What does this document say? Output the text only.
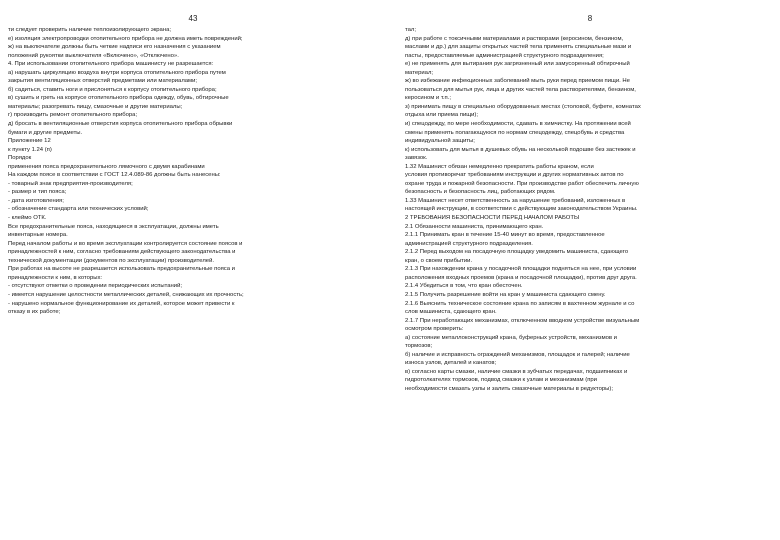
43
ти следует проверить наличие теплоизолирующего экрана;
е) изоляция электропроводки отопительного прибора не должна иметь повреждений;
ж) на выключателе должны быть четкие надписи его назначения с указанием
положений рукоятки выключателя «Включено», «Отключено».
4. При использовании отопительного прибора машинисту не разрешается:
а) нарушать циркуляцию воздуха внутри корпуса отопительного прибора путем
закрытия вентиляционных отверстий предметами или материалами;
б) садиться, ставить ноги и прислоняться к корпусу отопительного прибора;
в) сушить и греть на корпусе отопительного прибора одежду, обувь, обтирочные
материалы; разогревать пищу, смазочные и другие материалы;
г) производить ремонт отопительного прибора;
д) бросать в вентиляционные отверстия корпуса отопительного прибора обрывки
бумаги и другие предметы.
Приложение 12
к пункту 1.24 (п)
Порядок
применения пояса предохранительного лямочного с двумя карабинами
На каждом поясе в соответствии с ГОСТ 12.4.089-86 должны быть нанесены:
- товарный знак предприятия-производителя;
- размер и тип пояса;
- дата изготовления;
- обозначение стандарта или технических условий;
- клеймо ОТК.
Все предохранительные пояса, находящиеся в эксплуатации, должны иметь
инвентарные номера.
Перед началом работы и во время эксплуатации контролируется состояние поясов и
принадлежностей к ним, согласно требованиям действующего законодательства и
технической документации (документов по эксплуатации) производителей.
При работах на высоте не разрешается использовать предохранительные пояса и
принадлежности к ним, в которых:
- отсутствуют отметки о проведении периодических испытаний;
- имеется нарушение целостности металлических деталей, снижающих их прочность;
- нарушено нормальное функционирование их деталей, которое может привести к
отказу в их работе;
8
тал;
д) при работе с токсичными материалами и растворами (керосином, бензином,
маслами и др.) для защиты открытых частей тела применять специальные мази и
пасты, предоставляемые администрацией структурного подразделения;
е) не применять для вытирания рук загрязненный или замусоренный обтирочный
материал;
ж) во избежание инфекционных заболеваний мыть руки перед приемом пищи. Не
пользоваться для мытья рук, лица и других частей тела растворителями, бензином,
керосином и т.п.;
з) принимать пищу в специально оборудованных местах (столовой, буфете, комнатах
отдыха или приема пищи);
и) спецодежду, по мере необходимости, сдавать в химчистку. На протяжении всей
смены применять полагающуюся по нормам спецодежду, спецобувь и средства
индивидуальной защиты;
к) использовать для мытья в душевых обувь на несколькой подошве без застежек и
завязок.
1.32 Машинист обязан немедленно прекратить работы краном, если
условия противоречат требованиям инструкции и других нормативных актов по
охране труда и пожарной безопасности. При производстве работ обеспечить личную
безопасность и безопасность лиц, работающих рядом.
1.33 Машинист несет ответственность за нарушение требований, изложенных в
настоящей инструкции, в соответствии с действующим законодательством Украины.
2 ТРЕБОВАНИЯ БЕЗОПАСНОСТИ ПЕРЕД НАЧАЛОМ РАБОТЫ
2.1 Обязанности машиниста, принимающего кран.
2.1.1 Принимать кран в течение 15-40 минут во время, предоставленное
администрацией структурного подразделения.
2.1.2 Перед выходом на посадочную площадку уведомить машиниста, сдающего
кран, о своем прибытии.
2.1.3 При нахождении крана у посадочной площадки подняться на нее, при условии
расположения входных проемов (крана и посадочной площадки), против друг друга.
2.1.4 Убедиться в том, что кран обесточен.
2.1.5 Получить разрешение войти на кран у машиниста сдающего смену.
2.1.6 Выяснить техническое состояние крана по записям в вахтенном журнале и со
слов машиниста, сдающего кран.
2.1.7 При неработающих механизмах, отключенном вводном устройстве визуальным
осмотром проверить:
а) состояние металлоконструкций крана, буферных устройств, механизмов и
тормозов;
б) наличие и исправность ограждений механизмов, площадок и галерей; наличие
износа узлов, деталей и канатов;
в) согласно карты смазки, наличие смазки в зубчатых передачах, подшипниках и
гидротолкателях тормозов, подвод смазки к узлам и механизмам (при
необходимости смазать узлы и залить смазочные материалы в редукторы);
